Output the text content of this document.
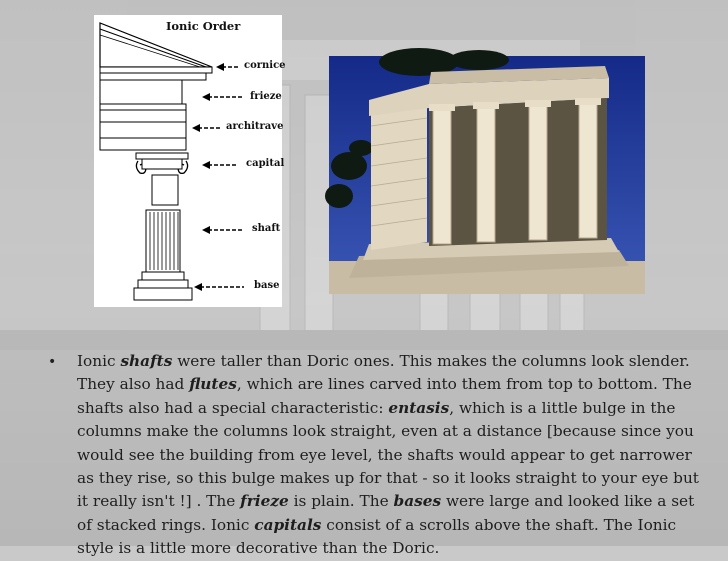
Ionic Order
cornice
frieze
architrave
capital
shaft
base
• Ionic shafts were taller than Doric ones. This makes the columns look slender. They also had flutes, which are lines carved into them from top to bottom. The shafts also had a special characteristic: entasis, which is a little bulge in the columns make the columns look straight, even at a distance [because since you would see the building from eye level, the shafts would appear to get narrower as they rise, so this bulge makes up for that - so it looks straight to your eye but it really isn't !] . The frieze is plain. The bases were large and looked like a set of stacked rings. Ionic capitals consist of a scrolls above the shaft. The Ionic style is a little more decorative than the Doric.
